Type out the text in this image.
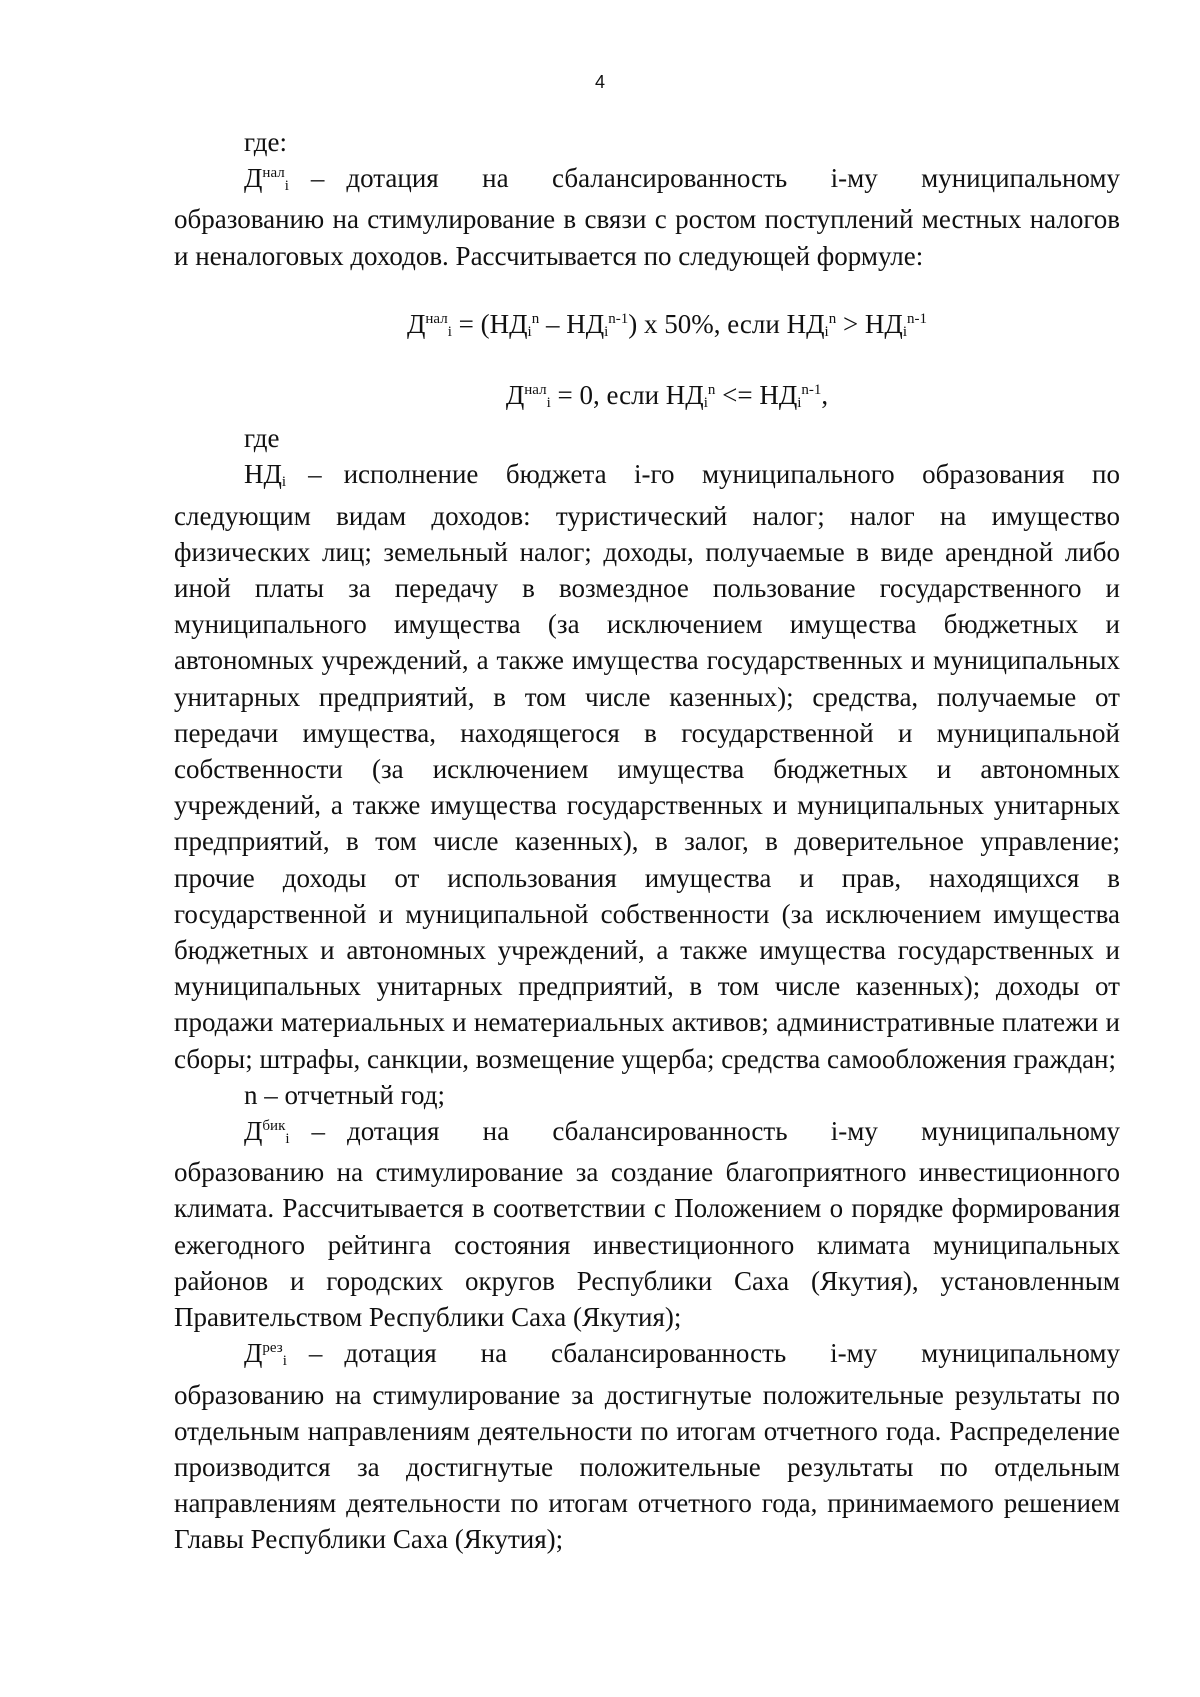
4

где:

$Д^{нал}i$ – дотация на сбалансированность i-му муниципальному образованию на стимулирование в связи с ростом поступлений местных налогов и неналоговых доходов. Рассчитывается по следующей формуле:

$Д^{нал}i = (НД_i^n - НД_i^{n-1})$ x 50%, если $НД_i^n > НД_i^{n-1}$

$Д^{нал}i = 0$, если $НД_i^n <= НД_i^{n-1}$,

где

НДi – исполнение бюджета i-го муниципального образования по следующим видам доходов: туристический налог; налог на имущество физических лиц; земельный налог; доходы, получаемые в виде арендной либо иной платы за передачу в возмездное пользование государственного и муниципального имущества (за исключением имущества бюджетных и автономных учреждений, а также имущества государственных и муниципальных унитарных предприятий, в том числе казенных); средства, получаемые от передачи имущества, находящегося в государственной и муниципальной собственности (за исключением имущества бюджетных и автономных учреждений, а также имущества государственных и муниципальных унитарных предприятий, в том числе казенных), в залог, в доверительное управление; прочие доходы от использования имущества и прав, находящихся в государственной и муниципальной собственности (за исключением имущества бюджетных и автономных учреждений, а также имущества государственных и муниципальных унитарных предприятий, в том числе казенных); доходы от продажи материальных и нематериальных активов; административные платежи и сборы; штрафы, санкции, возмещение ущерба; средства самообложения граждан;

n – отчетный год;

$Д^{бик}i$ – дотация на сбалансированность i-му муниципальному образованию на стимулирование за создание благоприятного инвестиционного климата. Рассчитывается в соответствии с Положением о порядке формирования ежегодного рейтинга состояния инвестиционного климата муниципальных районов и городских округов Республики Саха (Якутия), установленным Правительством Республики Саха (Якутия);

$Д^{рез}i$ – дотация на сбалансированность i-му муниципальному образованию на стимулирование за достигнутые положительные результаты по отдельным направлениям деятельности по итогам отчетного года. Распределение производится за достигнутые положительные результаты по отдельным направлениям деятельности по итогам отчетного года, принимаемого решением Главы Республики Саха (Якутия);
